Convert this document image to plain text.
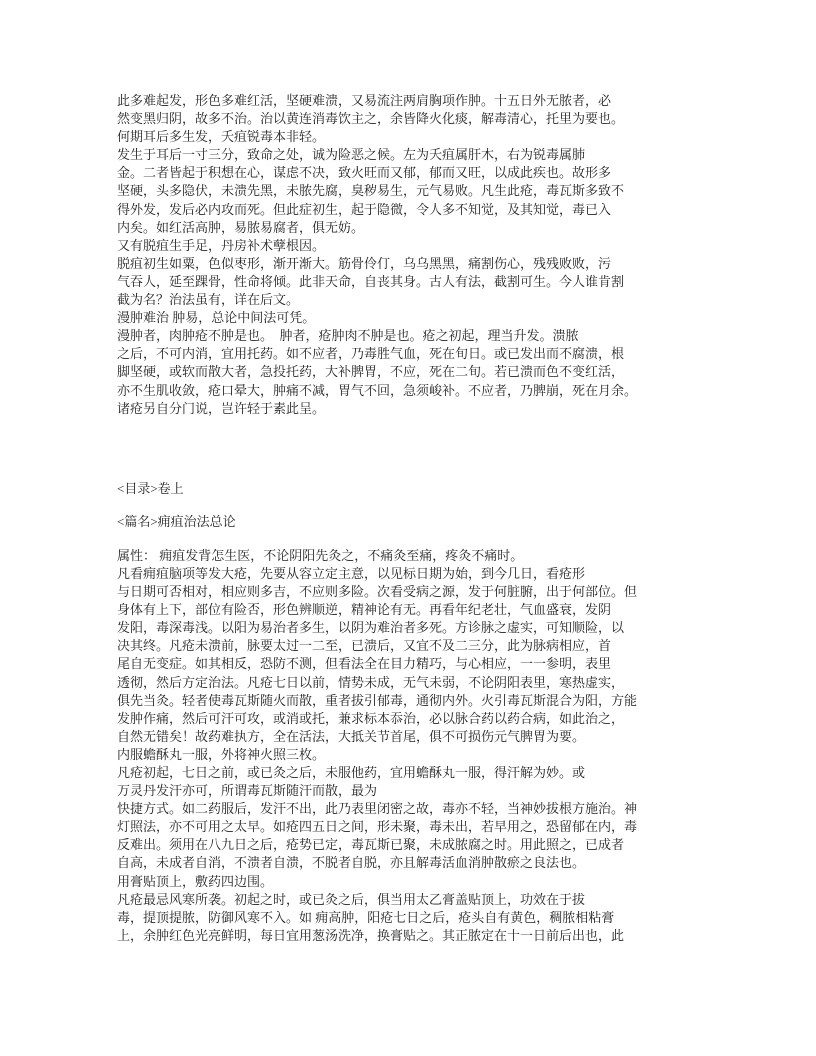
此多难起发，形色多难红活，坚硬难溃，又易流注两肩胸项作肿。十五日外无脓者，必
然变黑归阴，故多不治。治以黄连消毒饮主之，余皆降火化痰，解毒清心，托里为要也。
何期耳后多生发，夭疽锐毒本非轻。
发生于耳后一寸三分，致命之处，诚为险恶之候。左为夭疽属肝木，右为锐毒属肺
金。二者皆起于积想在心，谋虑不决，致火旺而又郁，郁而又旺，以成此疾也。故形多
坚硬，头多隐伏，未溃先黑，未脓先腐，臭秽易生，元气易败。凡生此疮，毒瓦斯多致不
得外发，发后必内攻而死。但此症初生，起于隐微，令人多不知觉，及其知觉，毒已入
内矣。如红活高肿，易脓易腐者，俱无妨。
又有脱疽生手足，丹房补术孽根因。
脱疽初生如粟，色似枣形，渐开渐大。筋骨伶仃，乌乌黑黑，痛割伤心，残残败败，污
气吞人，延至踝骨，性命将倾。此非天命，自丧其身。古人有法，截割可生。今人谁肯割
截为名？治法虽有，详在后文。
漫肿难治 肿易，总论中间法可凭。
漫肿者，肉肿疮不肿是也。　肿者，疮肿肉不肿是也。疮之初起，理当升发。溃脓
之后，不可内消，宜用托药。如不应者，乃毒胜气血，死在旬日。或已发出而不腐溃，根
脚坚硬，或软而散大者，急投托药，大补脾胃，不应，死在二旬。若已溃而色不变红活，
亦不生肌收敛，疮口晕大，肿痛不减，胃气不回，急须峻补。不应者，乃脾崩，死在月余。
诸疮另自分门说，岂许轻于素此呈。
<目录>卷上
<篇名>痈疽治法总论
属性： 痈疽发背怎生医，不论阴阳先灸之，不痛灸至痛，疼灸不痛时。
凡看痈疽脑项等发大疮，先要从容立定主意，以见标日期为始，到今几日，看疮形
与日期可否相对，相应则多吉，不应则多险。次看受病之源，发于何脏腑，出于何部位。但
身体有上下，部位有险否，形色辨顺逆，精神论有无。再看年纪老壮，气血盛衰，发阴
发阳，毒深毒浅。以阳为易治者多生，以阴为难治者多死。方诊脉之虚实，可知顺险，以
决其终。凡疮未溃前，脉要太过一二至，已溃后，又宜不及二三分，此为脉病相应，首
尾自无变症。如其相反，恐防不测，但看法全在目力精巧，与心相应，一一参明，表里
透彻，然后方定治法。凡疮七日以前，情势未成，无气未弱，不论阴阳表里，寒热虚实，
俱先当灸。轻者使毒瓦斯随火而散，重者拔引郁毒，通彻内外。火引毒瓦斯混合为阳，方能
发肿作痛，然后可汗可攻，或消或托，兼求标本忝治，必以脉合药以药合病，如此治之，
自然无错矣！故药难执方，全在活法，大抵关节首尾，俱不可损伤元气脾胃为要。
内服蟾酥丸一服，外将神火照三枚。
凡疮初起，七日之前，或已灸之后，未服他药，宜用蟾酥丸一服，得汗解为妙。或
万灵丹发汗亦可，所谓毒瓦斯随汗而散，最为
快捷方式。如二药服后，发汗不出，此乃表里闭密之故，毒亦不轻，当神妙拔根方施治。神
灯照法，亦不可用之太早。如疮四五日之间，形未聚，毒未出，若早用之，恐留郁在内，毒
反难出。须用在八九日之后，疮势已定，毒瓦斯已聚，未成脓腐之时。用此照之，已成者
自高，未成者自消，不溃者自溃，不脱者自脱，亦且解毒活血消肿散瘀之良法也。
用膏贴顶上，敷药四边围。
凡疮最忌风寒所袭。初起之时，或已灸之后，俱当用太乙膏盖贴顶上，功效在于拔
毒，提顶提脓，防御风寒不入。如 痈高肿，阳疮七日之后，疮头自有黄色，稠脓相粘膏
上，余肿红色光亮鲜明，每日宜用葱汤洗净，换膏贴之。其正脓定在十一日前后出也，此
